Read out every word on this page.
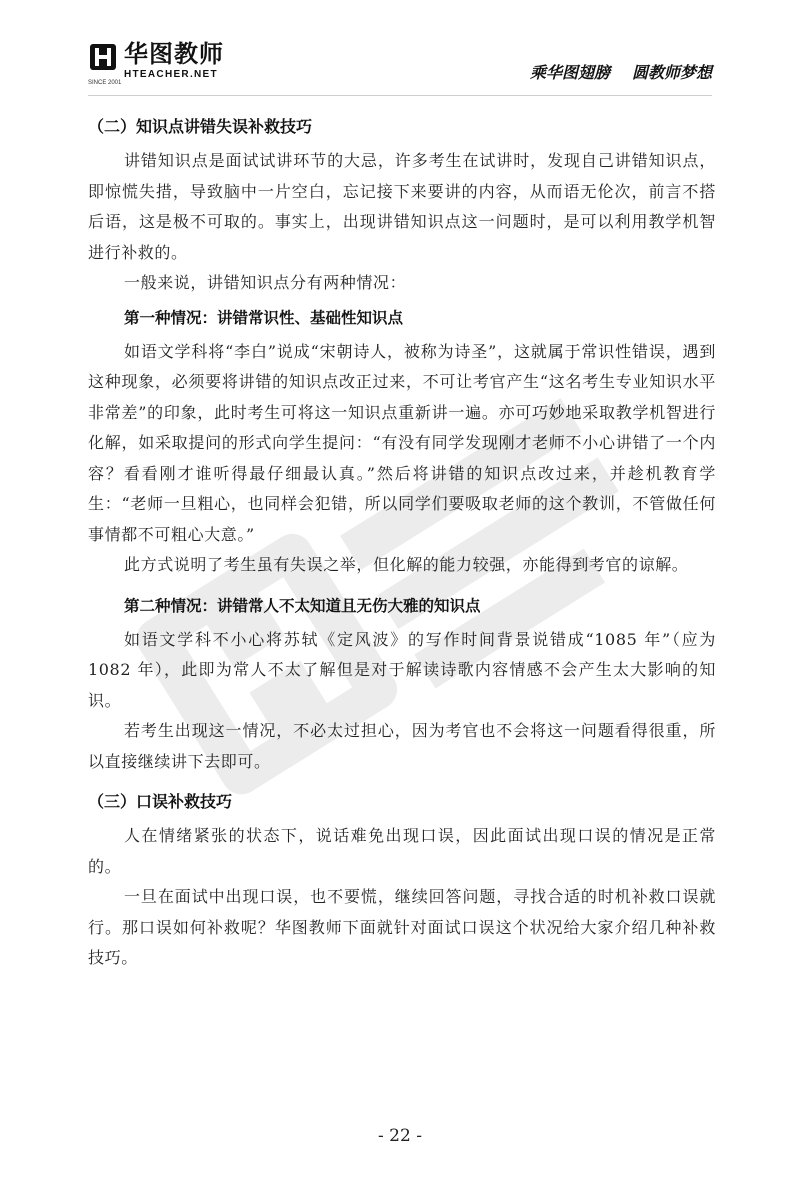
华图教师
HTEACHER.NET
SINCE 2001
乘华图翅膀 圆教师梦想
（二）知识点讲错失误补救技巧

讲错知识点是面试试讲环节的大忌，许多考生在试讲时，发现自己讲错知识点，即惊慌失措，导致脑中一片空白，忘记接下来要讲的内容，从而语无伦次，前言不搭后语，这是极不可取的。事实上，出现讲错知识点这一问题时，是可以利用教学机智进行补救的。

一般来说，讲错知识点分有两种情况：

第一种情况：讲错常识性、基础性知识点

如语文学科将“李白”说成“宋朝诗人，被称为诗圣”，这就属于常识性错误，遇到这种现象，必须要将讲错的知识点改正过来，不可让考官产生“这名考生专业知识水平非常差”的印象，此时考生可将这一知识点重新讲一遍。亦可巧妙地采取教学机智进行化解，如采取提问的形式向学生提问：“有没有同学发现刚才老师不小心讲错了一个内容？看看刚才谁听得最仔细最认真。”然后将讲错的知识点改过来，并趁机教育学生：“老师一旦粗心，也同样会犯错，所以同学们要吸取老师的这个教训，不管做任何事情都不可粗心大意。”

此方式说明了考生虽有失误之举，但化解的能力较强，亦能得到考官的谅解。

第二种情况：讲错常人不太知道且无伤大雅的知识点

如语文学科不小心将苏轼《定风波》的写作时间背景说错成“1085 年”（应为 1082 年），此即为常人不太了解但是对于解读诗歌内容情感不会产生太大影响的知识。

若考生出现这一情况，不必太过担心，因为考官也不会将这一问题看得很重，所以直接继续讲下去即可。

（三）口误补救技巧

人在情绪紧张的状态下，说话难免出现口误，因此面试出现口误的情况是正常的。

一旦在面试中出现口误，也不要慌，继续回答问题，寻找合适的时机补救口误就行。那口误如何补救呢？华图教师下面就针对面试口误这个状况给大家介绍几种补救技巧。

- 22 -
